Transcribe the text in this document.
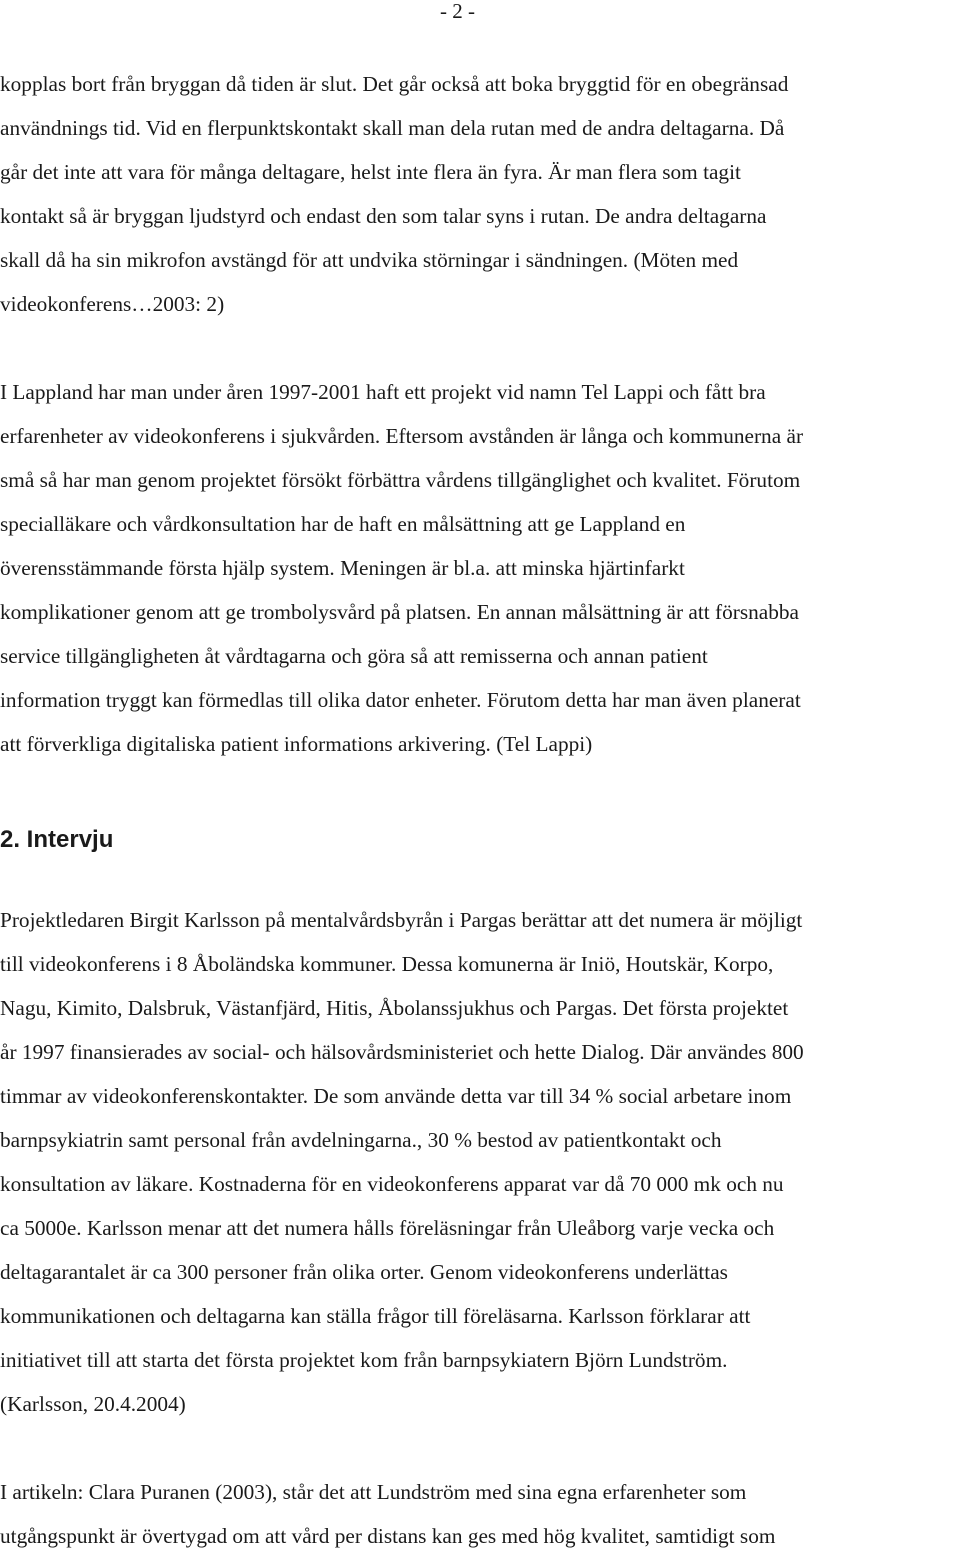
- 2 -
kopplas bort från bryggan då tiden är slut. Det går också att boka bryggtid för en obegränsad
användnings tid. Vid en flerpunktskontakt skall man dela rutan med de andra deltagarna. Då
går det inte att vara för många deltagare, helst inte flera än fyra. Är man flera som tagit
kontakt så är bryggan ljudstyrd och endast den som talar syns i rutan. De andra deltagarna
skall då ha sin mikrofon avstängd för att undvika störningar i sändningen. (Möten med
videokonferens…2003: 2)
I Lappland har man under åren 1997-2001 haft ett projekt vid namn Tel Lappi och fått bra
erfarenheter av videokonferens i sjukvården. Eftersom avstånden är långa och kommunerna är
små så har man genom projektet försökt förbättra vårdens tillgänglighet och kvalitet. Förutom
specialläkare och vårdkonsultation har de haft en målsättning att ge Lappland en
överensstämmande första hjälp system. Meningen är bl.a. att minska hjärtinfarkt
komplikationer genom att ge trombolysvård på platsen. En annan målsättning är att försnabba
service tillgängligheten åt vårdtagarna och göra så att remisserna och annan patient
information tryggt kan förmedlas till olika dator enheter. Förutom detta har man även planerat
att förverkliga digitaliska patient informations arkivering. (Tel Lappi)
2. Intervju
Projektledaren Birgit Karlsson på mentalvårdsbyrån i Pargas berättar att det numera är möjligt
till videokonferens i 8 Åboländska kommuner. Dessa komunerna är Iniö, Houtskär, Korpo,
Nagu, Kimito, Dalsbruk, Västanfjärd, Hitis, Åbolanssjukhus och Pargas. Det första projektet
år 1997 finansierades av social- och hälsovårdsministeriet och hette Dialog. Där användes 800
timmar av videokonferenskontakter. De som använde detta var till 34 % social arbetare inom
barnpsykiatrin samt personal från avdelningarna., 30 % bestod av patientkontakt och
konsultation av läkare. Kostnaderna för en videokonferens apparat var då 70 000 mk och nu
ca 5000e. Karlsson menar att det numera hålls föreläsningar från Uleåborg varje vecka och
deltagarantalet är ca 300 personer från olika orter. Genom videokonferens underlättas
kommunikationen och deltagarna kan ställa frågor till föreläsarna. Karlsson förklarar att
initiativet till att starta det första projektet kom från barnpsykiatern Björn Lundström.
(Karlsson, 20.4.2004)
I artikeln: Clara Puranen (2003), står det att Lundström med sina egna erfarenheter som
utgångspunkt är övertygad om att vård per distans kan ges med hög kvalitet, samtidigt som
